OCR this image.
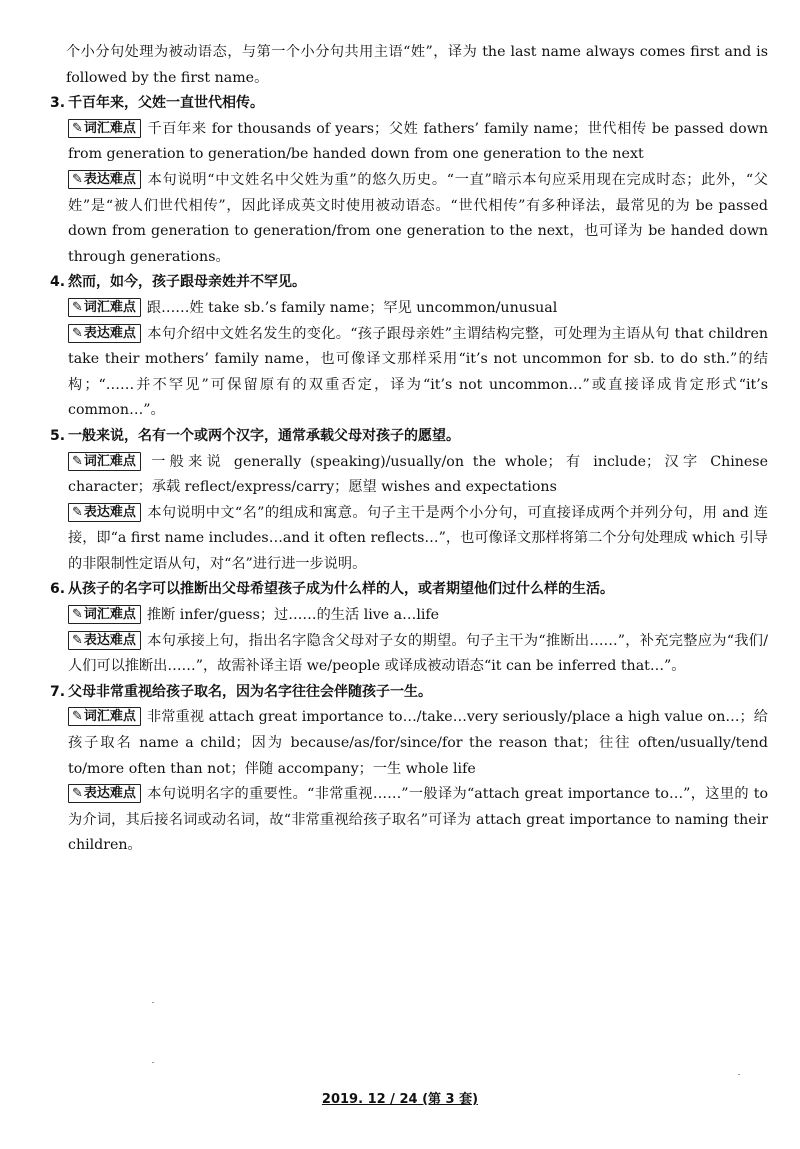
个小分句处理为被动语态，与第一个小分句共用主语“姓”，译为 the last name always comes first and is followed by the first name。

3. 千百年来，父姓一直世代相传。

✎词汇难点 千百年来 for thousands of years；父姓 fathers’ family name；世代相传 be passed down from generation to generation/be handed down from one generation to the next

✎表达难点 本句说明“中文姓名中父姓为重”的悠久历史。“一直”暗示本句应采用现在完成时态；此外，“父姓”是“被人们世代相传”，因此译成英文时使用被动语态。“世代相传”有多种译法，最常见的为 be passed down from generation to generation/from one generation to the next，也可译为 be handed down through generations。

4. 然而，如今，孩子跟母亲姓并不罕见。

✎词汇难点 跟……姓 take sb.’s family name；罕见 uncommon/unusual

✎表达难点 本句介绍中文姓名发生的变化。“孩子跟母亲姓”主谓结构完整，可处理为主语从句 that children take their mothers’ family name，也可像译文那样采用“it’s not uncommon for sb. to do sth.”的结构；“……并不罕见”可保留原有的双重否定，译为“it’s not uncommon…”或直接译成肯定形式“it’s common…”。

5. 一般来说，名有一个或两个汉字，通常承载父母对孩子的愿望。

✎词汇难点 一般来说 generally (speaking)/usually/on the whole；有 include；汉字 Chinese character；承载 reflect/express/carry；愿望 wishes and expectations

✎表达难点 本句说明中文“名”的组成和寓意。句子主干是两个小分句，可直接译成两个并列分句，用 and 连接，即“a first name includes…and it often reflects…”，也可像译文那样将第二个分句处理成 which 引导的非限制性定语从句，对“名”进行进一步说明。

6. 从孩子的名字可以推断出父母希望孩子成为什么样的人，或者期望他们过什么样的生活。

✎词汇难点 推断 infer/guess；过……的生活 live a…life

✎表达难点 本句承接上句，指出名字隐含父母对子女的期望。句子主干为“推断出……”，补充完整应为“我们/人们可以推断出……”，故需补译主语 we/people 或译成被动语态“it can be inferred that…”。

7. 父母非常重视给孩子取名，因为名字往往会伴随孩子一生。

✎词汇难点 非常重视 attach great importance to…/take…very seriously/place a high value on…；给孩子取名 name a child；因为 because/as/for/since/for the reason that；往往 often/usually/tend to/more often than not；伴随 accompany；一生 whole life

✎表达难点 本句说明名字的重要性。“非常重视……”一般译为“attach great importance to…”，这里的 to 为介词，其后接名词或动名词，故“非常重视给孩子取名”可译为 attach great importance to naming their children。

2019. 12 / 24 (第 3 套)
